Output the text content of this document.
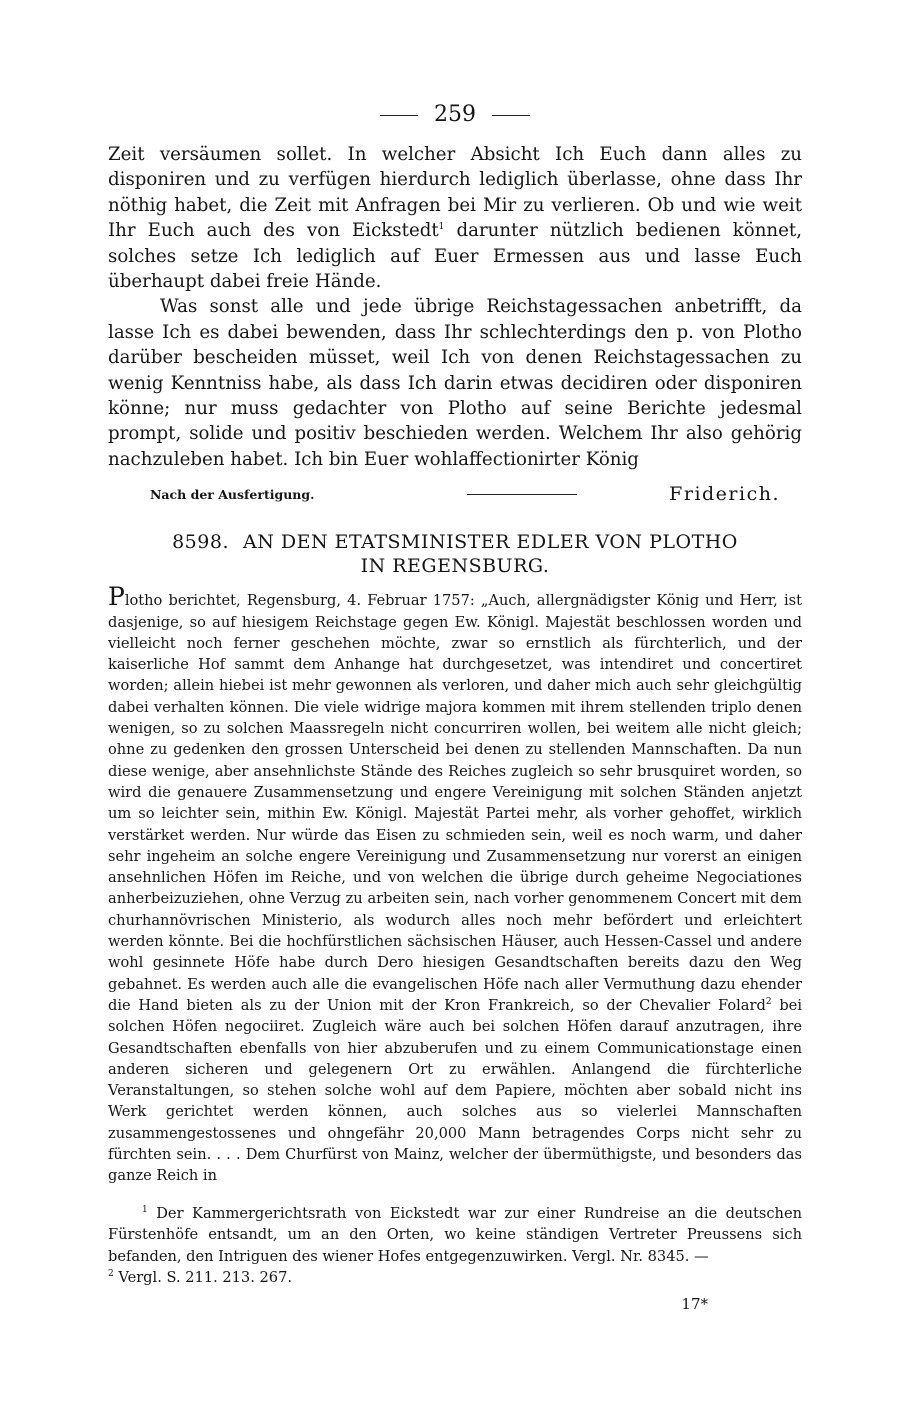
259

Zeit versäumen sollet. In welcher Absicht Ich Euch dann alles zu disponiren und zu verfügen hierdurch lediglich überlasse, ohne dass Ihr nöthig habet, die Zeit mit Anfragen bei Mir zu verlieren. Ob und wie weit Ihr Euch auch des von Eickstedt$^1$ darunter nützlich bedienen könnet, solches setze Ich lediglich auf Euer Ermessen aus und lasse Euch überhaupt dabei freie Hände.

Was sonst alle und jede übrige Reichstagessachen anbetrifft, da lasse Ich es dabei bewenden, dass Ihr schlechterdings den p. von Plotho darüber bescheiden müsset, weil Ich von denen Reichstagessachen zu wenig Kenntniss habe, als dass Ich darin etwas decidiren oder disponiren könne; nur muss gedachter von Plotho auf seine Berichte jedesmal prompt, solide und positiv beschieden werden. Welchem Ihr also gehörig nachzuleben habet. Ich bin Euer wohlaffectionirter König

Nach der Ausfertigung.	Friderich.
8598. AN DEN ETATSMINISTER EDLER VON PLOTHO
IN REGENSBURG.

Plotho berichtet, Regensburg, 4. Februar 1757: „Auch, allergnädigster König und Herr, ist dasjenige, so auf hiesigem Reichstage gegen Ew. Königl. Majestät beschlossen worden und vielleicht noch ferner geschehen möchte, zwar so ernstlich als fürchterlich, und der kaiserliche Hof sammt dem Anhange hat durchgesetzet, was intendiret und concertiret worden; allein hiebei ist mehr gewonnen als verloren, und daher mich auch sehr gleichgültig dabei verhalten können. Die viele widrige majora kommen mit ihrem stellenden triplo denen wenigen, so zu solchen Maassregeln nicht concurriren wollen, bei weitem alle nicht gleich; ohne zu gedenken den grossen Unterscheid bei denen zu stellenden Mannschaften. Da nun diese wenige, aber ansehnlichste Stände des Reiches zugleich so sehr brusquiret worden, so wird die genauere Zusammensetzung und engere Vereinigung mit solchen Ständen anjetzt um so leichter sein, mithin Ew. Königl. Majestät Partei mehr, als vorher gehoffet, wirklich verstärket werden. Nur würde das Eisen zu schmieden sein, weil es noch warm, und daher sehr ingeheim an solche engere Vereinigung und Zusammensetzung nur vorerst an einigen ansehnlichen Höfen im Reiche, und von welchen die übrige durch geheime Negociationes anherbeizuziehen, ohne Verzug zu arbeiten sein, nach vorher genommenem Concert mit dem churhannövrischen Ministerio, als wodurch alles noch mehr befördert und erleichtert werden könnte. Bei die hochfürstlichen sächsischen Häuser, auch Hessen-Cassel und andere wohl gesinnete Höfe habe durch Dero hiesigen Gesandtschaften bereits dazu den Weg gebahnet. Es werden auch alle die evangelischen Höfe nach aller Vermuthung dazu ehender die Hand bieten als zu der Union mit der Kron Frankreich, so der Chevalier Folard$^2$ bei solchen Höfen negociiret. Zugleich wäre auch bei solchen Höfen darauf anzutragen, ihre Gesandtschaften ebenfalls von hier abzuberufen und zu einem Communicationstage einen anderen sicheren und gelegenern Ort zu erwählen. Anlangend die fürchterliche Veranstaltungen, so stehen solche wohl auf dem Papiere, möchten aber sobald nicht ins Werk gerichtet werden können, auch solches aus so vielerlei Mannschaften zusammengestossenes und ohngefähr 20,000 Mann betragendes Corps nicht sehr zu fürchten sein. . . . Dem Churfürst von Mainz, welcher der übermüthigste, und besonders das ganze Reich in

$^1$ Der Kammergerichtsrath von Eickstedt war zur einer Rundreise an die deutschen Fürstenhöfe entsandt, um an den Orten, wo keine ständigen Vertreter Preussens sich befanden, den Intriguen des wiener Hofes entgegenzuwirken. Vergl. Nr. 8345. —

$^2$ Vergl. S. 211. 213. 267.

17*
